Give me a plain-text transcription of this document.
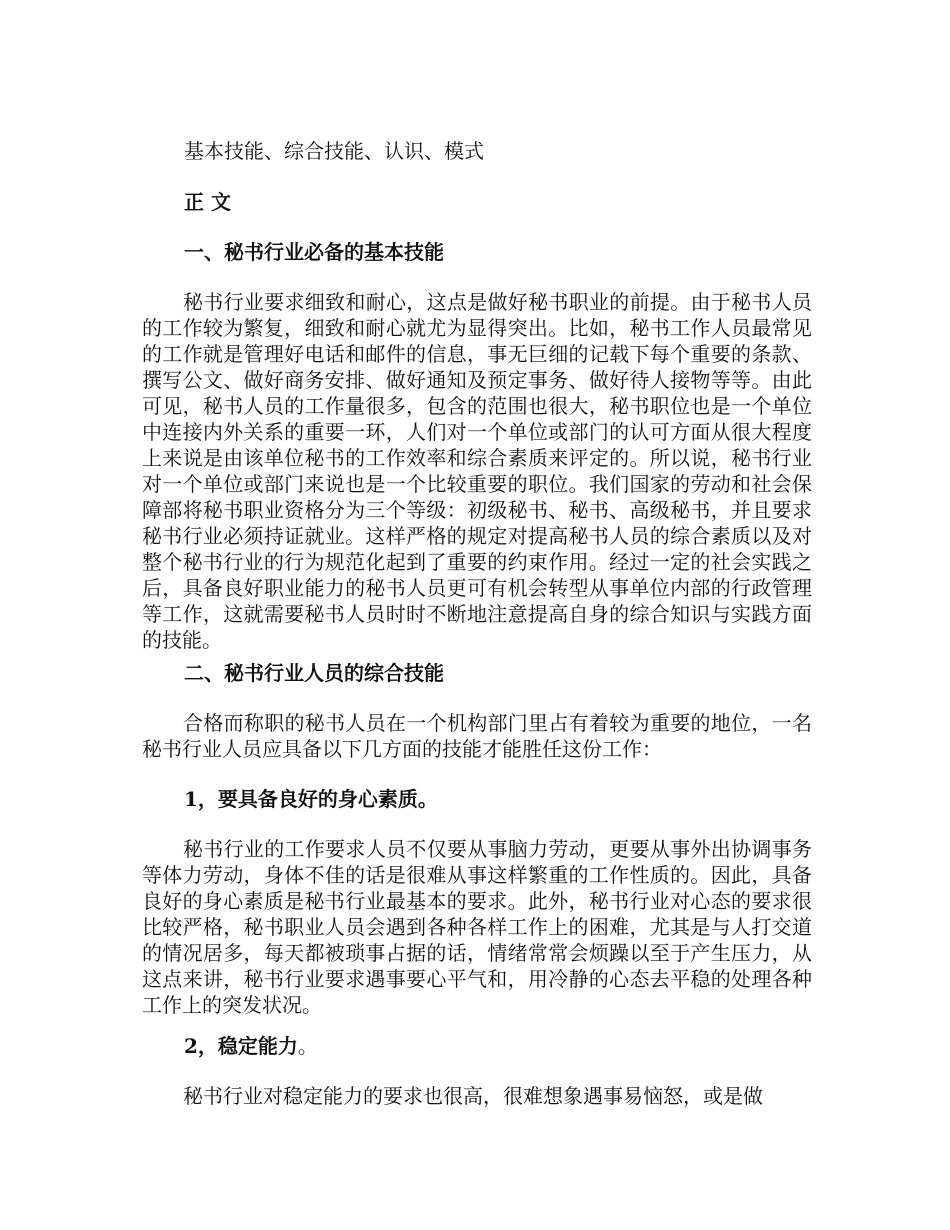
基本技能、综合技能、认识、模式
正 文
一、秘书行业必备的基本技能

秘书行业要求细致和耐心，这点是做好秘书职业的前提。由于秘书人员的工作较为繁复，细致和耐心就尤为显得突出。比如，秘书工作人员最常见的工作就是管理好电话和邮件的信息，事无巨细的记载下每个重要的条款、撰写公文、做好商务安排、做好通知及预定事务、做好待人接物等等。由此可见，秘书人员的工作量很多，包含的范围也很大，秘书职位也是一个单位中连接内外关系的重要一环，人们对一个单位或部门的认可方面从很大程度上来说是由该单位秘书的工作效率和综合素质来评定的。所以说，秘书行业对一个单位或部门来说也是一个比较重要的职位。我们国家的劳动和社会保障部将秘书职业资格分为三个等级：初级秘书、秘书、高级秘书，并且要求秘书行业必须持证就业。这样严格的规定对提高秘书人员的综合素质以及对整个秘书行业的行为规范化起到了重要的约束作用。经过一定的社会实践之后，具备良好职业能力的秘书人员更可有机会转型从事单位内部的行政管理等工作，这就需要秘书人员时时不断地注意提高自身的综合知识与实践方面的技能。

二、秘书行业人员的综合技能

合格而称职的秘书人员在一个机构部门里占有着较为重要的地位，一名秘书行业人员应具备以下几方面的技能才能胜任这份工作：

1，要具备良好的身心素质。

秘书行业的工作要求人员不仅要从事脑力劳动，更要从事外出协调事务等体力劳动，身体不佳的话是很难从事这样繁重的工作性质的。因此，具备良好的身心素质是秘书行业最基本的要求。此外，秘书行业对心态的要求很比较严格，秘书职业人员会遇到各种各样工作上的困难，尤其是与人打交道的情况居多，每天都被琐事占据的话，情绪常常会烦躁以至于产生压力，从这点来讲，秘书行业要求遇事要心平气和，用冷静的心态去平稳的处理各种工作上的突发状况。

2，稳定能力。

秘书行业对稳定能力的要求也很高，很难想象遇事易恼怒，或是做
